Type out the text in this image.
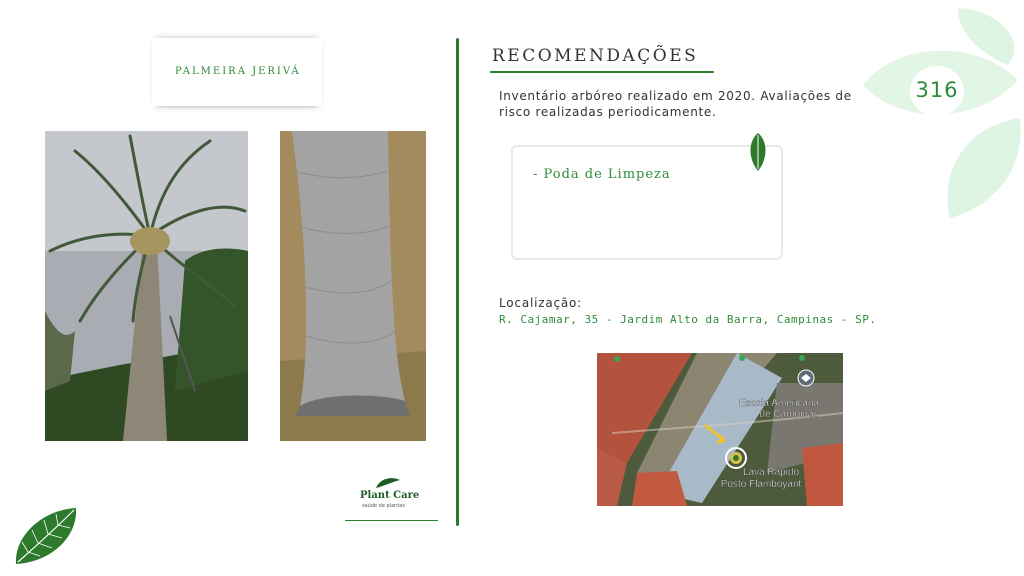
PALMEIRA JERIVÁ
RECOMENDAÇÕES
Inventário arbóreo realizado em 2020. Avaliações de risco realizadas periodicamente.
- Poda de Limpeza
Localização:
R. Cajamar, 35 - Jardim Alto da Barra, Campinas - SP.
Escola Americana
de Campinas
Lava Rápido
Posto Flamboyant
316
Plant Care
saúde de plantas
